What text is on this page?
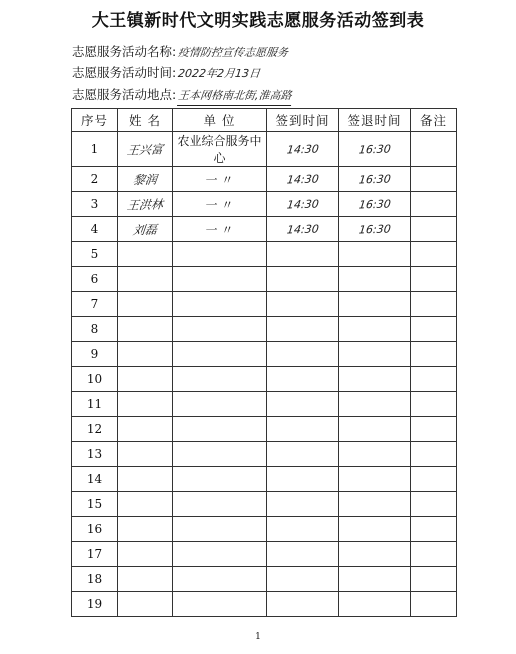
大王镇新时代文明实践志愿服务活动签到表
志愿服务活动名称:疫情防控宣传志愿服务
志愿服务活动时间:2022年2月13日
志愿服务活动地点:王本网格南北街,淮高路
序号	姓 名	单 位	签到时间	签退时间	备注
1	王兴富	农业综合服务中心	14:30	16:30	
2	黎润	一 〃	14:30	16:30	
3	王洪林	一 〃	14:30	16:30	
4	刘磊	一 〃	14:30	16:30	
5					
6					
7					
8					
9					
10					
11					
12					
13					
14					
15					
16					
17					
18					
19					
1
